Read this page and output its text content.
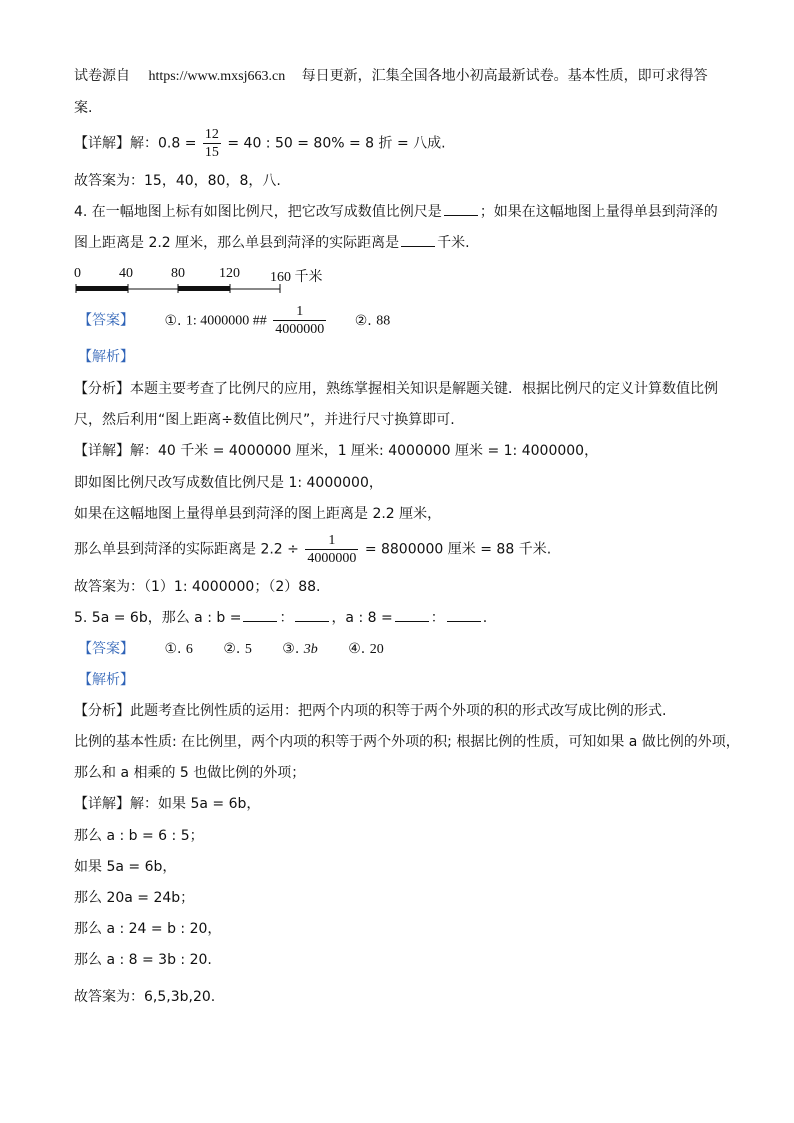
试卷源自 https://www.mxsj663.cn 每日更新，汇集全国各地小初高最新试卷。基本性质，即可求得答
案.
【详解】解：$0.8 = \frac{12}{15} = 40$ : 50 = 80% = 8 折 = 八成.
故答案为：15，40，80，8，八.
4. 在一幅地图上标有如图比例尺，把它改写成数值比例尺是	；如果在这幅地图上量得单县到菏泽的
图上距离是 2.2 厘米，那么单县到菏泽的实际距离是	千米.
0	40	80 120 160 千米
【答案】 ①. 1: 4000000 ## $\frac{1}{4000000}$ ②. 88
【解析】
【分析】本题主要考查了比例尺的应用，熟练掌握相关知识是解题关键．根据比例尺的定义计算数值比例
尺，然后利用“图上距离÷数值比例尺”，并进行尺寸换算即可.
【详解】解：40 千米 = 4000000 厘米，1 厘米: 4000000 厘米 = 1: 4000000，
即如图比例尺改写成数值比例尺是 1: 4000000，
如果在这幅地图上量得单县到菏泽的图上距离是 2.2 厘米，
那么单县到菏泽的实际距离是 $2.2 \div \frac{1}{4000000} = 8800000$ 厘米 = 88 千米.
故答案为：（1）1: 4000000；（2）88.
5. 5a = 6b，那么 a : b =	：	，a : 8 =	：	.
【答案】 ①. 6 ②. 5 ③. 3b ④. 20
【解析】
【分析】此题考查比例性质的运用：把两个内项的积等于两个外项的积的形式改写成比例的形式.
比例的基本性质: 在比例里，两个内项的积等于两个外项的积; 根据比例的性质，可知如果 a 做比例的外项，
那么和 a 相乘的 5 也做比例的外项；
【详解】解：如果 5a = 6b，
那么 a : b = 6 : 5；
如果 5a = 6b，
那么 20a = 24b；
那么 a : 24 = b : 20，
那么 a : 8 = 3b : 20.
故答案为：6,5,3b,20.
